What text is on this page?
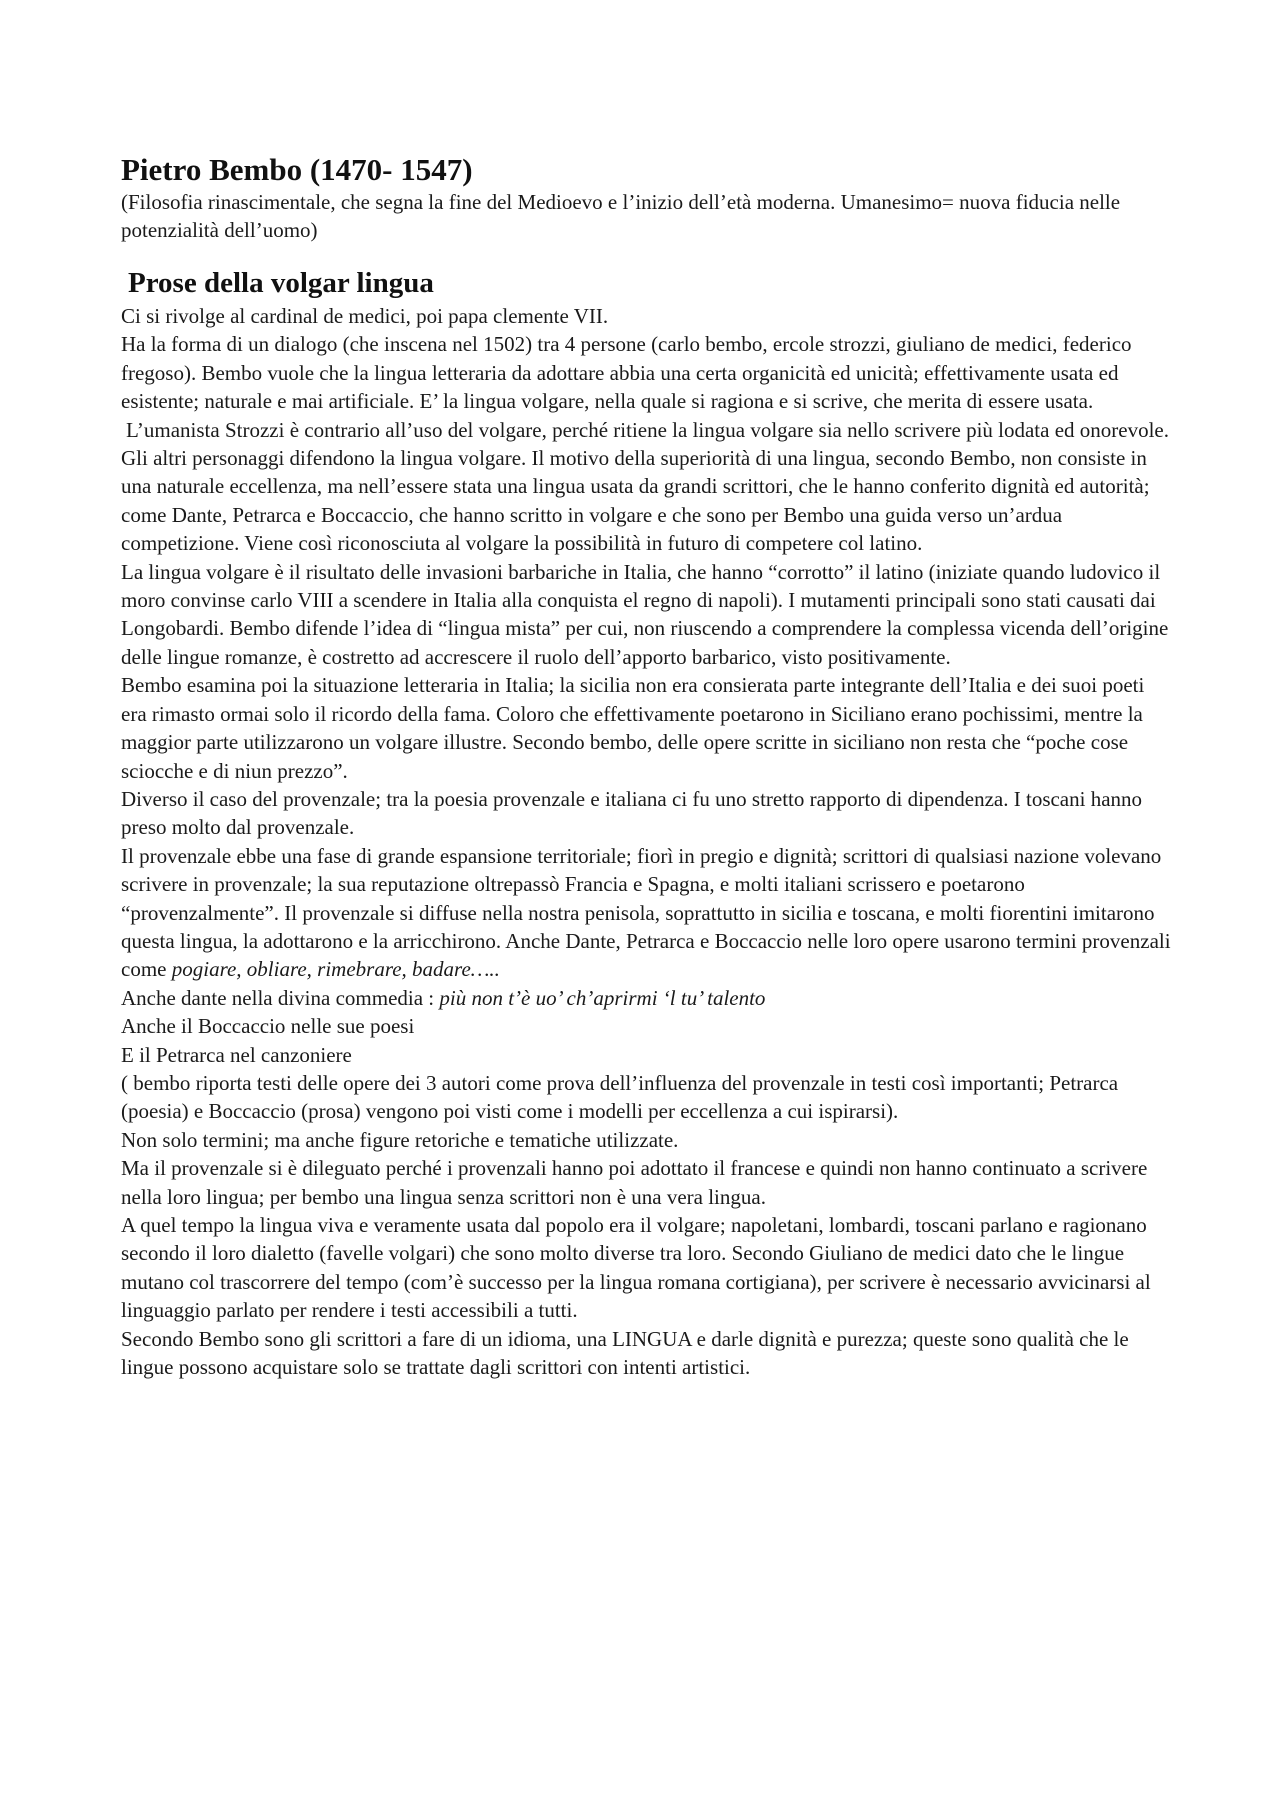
Pietro Bembo (1470- 1547)

(Filosofia rinascimentale, che segna la fine del Medioevo e l’inizio dell’età moderna. Umanesimo= nuova fiducia nelle potenzialità dell’uomo)

Prose della volgar lingua

Ci si rivolge al cardinal de medici, poi papa clemente VII.

Ha la forma di un dialogo (che inscena nel 1502) tra 4 persone (carlo bembo, ercole strozzi, giuliano de medici, federico fregoso). Bembo vuole che la lingua letteraria da adottare abbia una certa organicità ed unicità; effettivamente usata ed esistente; naturale e mai artificiale. E’ la lingua volgare, nella quale si ragiona e si scrive, che merita di essere usata.

L’umanista Strozzi è contrario all’uso del volgare, perché ritiene la lingua volgare sia nello scrivere più lodata ed onorevole. Gli altri personaggi difendono la lingua volgare. Il motivo della superiorità di una lingua, secondo Bembo, non consiste in una naturale eccellenza, ma nell’essere stata una lingua usata da grandi scrittori, che le hanno conferito dignità ed autorità; come Dante, Petrarca e Boccaccio, che hanno scritto in volgare e che sono per Bembo una guida verso un’ardua competizione. Viene così riconosciuta al volgare la possibilità in futuro di competere col latino.

La lingua volgare è il risultato delle invasioni barbariche in Italia, che hanno “corrotto” il latino (iniziate quando ludovico il moro convinse carlo VIII a scendere in Italia alla conquista el regno di napoli). I mutamenti principali sono stati causati dai Longobardi. Bembo difende l’idea di “lingua mista” per cui, non riuscendo a comprendere la complessa vicenda dell’origine delle lingue romanze, è costretto ad accrescere il ruolo dell’apporto barbarico, visto positivamente.

Bembo esamina poi la situazione letteraria in Italia; la sicilia non era consierata parte integrante dell’Italia e dei suoi poeti era rimasto ormai solo il ricordo della fama. Coloro che effettivamente poetarono in Siciliano erano pochissimi, mentre la maggior parte utilizzarono un volgare illustre. Secondo bembo, delle opere scritte in siciliano non resta che “poche cose sciocche e di niun prezzo”.

Diverso il caso del provenzale; tra la poesia provenzale e italiana ci fu uno stretto rapporto di dipendenza. I toscani hanno preso molto dal provenzale.

Il provenzale ebbe una fase di grande espansione territoriale; fiorì in pregio e dignità; scrittori di qualsiasi nazione volevano scrivere in provenzale; la sua reputazione oltrepassò Francia e Spagna, e molti italiani scrissero e poetarono “provenzalmente”. Il provenzale si diffuse nella nostra penisola, soprattutto in sicilia e toscana, e molti fiorentini imitarono questa lingua, la adottarono e la arricchirono. Anche Dante, Petrarca e Boccaccio nelle loro opere usarono termini provenzali come pogiare, obliare, rimebrare, badare…..

Anche dante nella divina commedia : più non t’è uo’ ch’aprirmi ‘l tu’ talento

Anche il Boccaccio nelle sue poesi

E il Petrarca nel canzoniere

( bembo riporta testi delle opere dei 3 autori come prova dell’influenza del provenzale in testi così importanti; Petrarca (poesia) e Boccaccio (prosa) vengono poi visti come i modelli per eccellenza a cui ispirarsi).

Non solo termini; ma anche figure retoriche e tematiche utilizzate.

Ma il provenzale si è dileguato perché i provenzali hanno poi adottato il francese e quindi non hanno continuato a scrivere nella loro lingua; per bembo una lingua senza scrittori non è una vera lingua.

A quel tempo la lingua viva e veramente usata dal popolo era il volgare; napoletani, lombardi, toscani parlano e ragionano secondo il loro dialetto (favelle volgari) che sono molto diverse tra loro. Secondo Giuliano de medici dato che le lingue mutano col trascorrere del tempo (com’è successo per la lingua romana cortigiana), per scrivere è necessario avvicinarsi al linguaggio parlato per rendere i testi accessibili a tutti.

Secondo Bembo sono gli scrittori a fare di un idioma, una LINGUA e darle dignità e purezza; queste sono qualità che le lingue possono acquistare solo se trattate dagli scrittori con intenti artistici.
